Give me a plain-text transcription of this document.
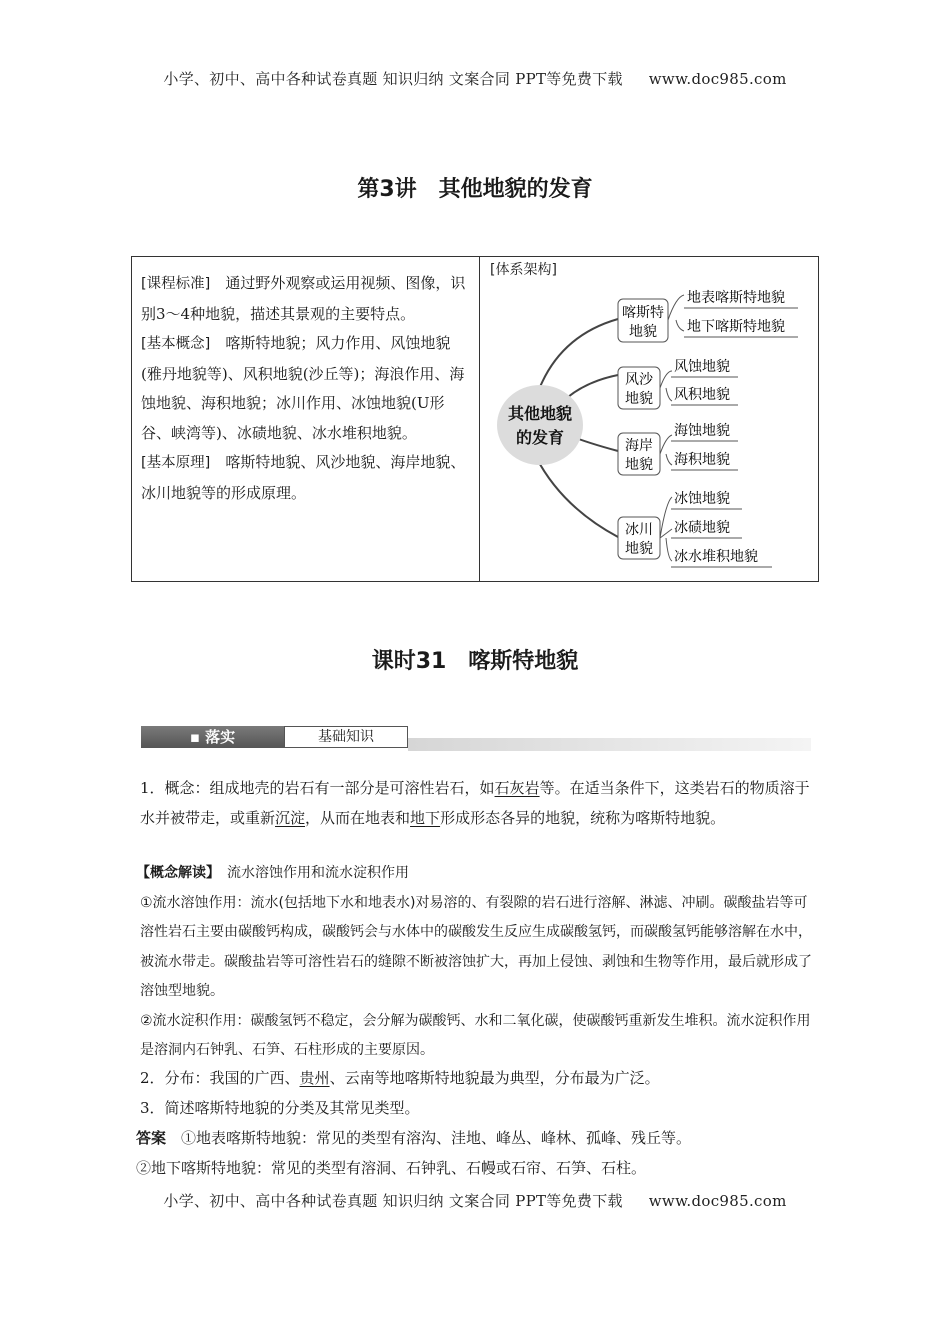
小学、初中、高中各种试卷真题 知识归纳 文案合同 PPT等免费下载 www.doc985.com
第3讲　其他地貌的发育
[课程标准]　 通过野外观察或运用视频、图像，识别3～4种地貌，描述其景观的主要特点。
[基本概念]　 喀斯特地貌；风力作用、风蚀地貌(雅丹地貌等)、风积地貌(沙丘等)；海浪作用、海蚀地貌、海积地貌；冰川作用、冰蚀地貌(U形谷、峡湾等)、冰碛地貌、冰水堆积地貌。
[基本原理]　 喀斯特地貌、风沙地貌、海岸地貌、冰川地貌等的形成原理。
[体系架构]
其他地貌
的发育
喀斯特
地貌
地表喀斯特地貌
地下喀斯特地貌
风沙
地貌
风蚀地貌
风积地貌
海岸
地貌
海蚀地貌
海积地貌
冰川
地貌
冰蚀地貌
冰碛地貌
冰水堆积地貌
课时31　喀斯特地貌
▪ 落实	基础知识
1．概念：组成地壳的岩石有一部分是可溶性岩石，如石灰岩等。在适当条件下，这类岩石的物质溶于水并被带走，或重新沉淀，从而在地表和地下形成形态各异的地貌，统称为喀斯特地貌。
【概念解读】　 流水溶蚀作用和流水淀积作用
①流水溶蚀作用：流水(包括地下水和地表水)对易溶的、有裂隙的岩石进行溶解、淋滤、冲刷。碳酸盐岩等可溶性岩石主要由碳酸钙构成，碳酸钙会与水体中的碳酸发生反应生成碳酸氢钙，而碳酸氢钙能够溶解在水中，被流水带走。碳酸盐岩等可溶性岩石的缝隙不断被溶蚀扩大，再加上侵蚀、剥蚀和生物等作用，最后就形成了溶蚀型地貌。
②流水淀积作用：碳酸氢钙不稳定，会分解为碳酸钙、水和二氧化碳，使碳酸钙重新发生堆积。流水淀积作用是溶洞内石钟乳、石笋、石柱形成的主要原因。
2．分布：我国的广西、贵州、云南等地喀斯特地貌最为典型，分布最为广泛。
3．简述喀斯特地貌的分类及其常见类型。
答案　 ①地表喀斯特地貌：常见的类型有溶沟、洼地、峰丛、峰林、孤峰、残丘等。
②地下喀斯特地貌：常见的类型有溶洞、石钟乳、石幔或石帘、石笋、石柱。
小学、初中、高中各种试卷真题 知识归纳 文案合同 PPT等免费下载 www.doc985.com
